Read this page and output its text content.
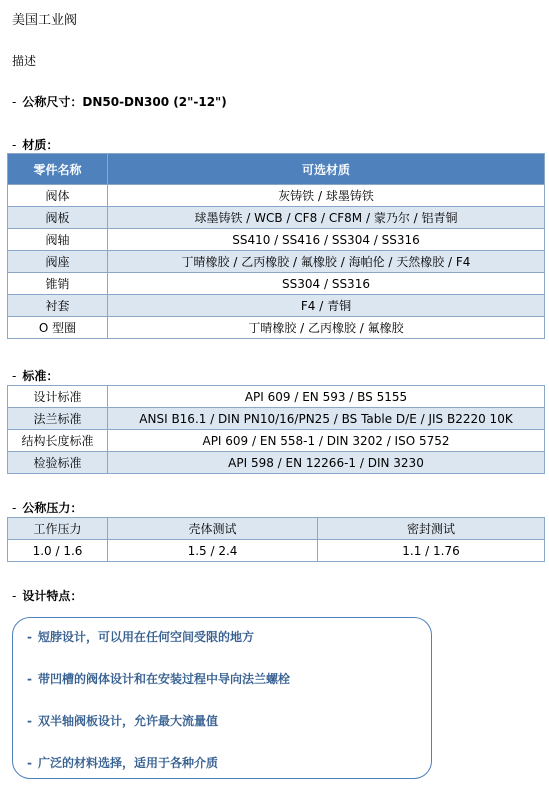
美国工业阀
描述
- 公称尺寸：DN50-DN300 (2"-12")
- 材质：
零件名称	可选材质
阀体	灰铸铁 / 球墨铸铁
阀板	球墨铸铁 / WCB / CF8 / CF8M / 蒙乃尔 / 铝青铜
阀轴	SS410 / SS416 / SS304 / SS316
阀座	丁晴橡胶 / 乙丙橡胶 / 氟橡胶 / 海帕伦 / 天然橡胶 / F4
锥销	SS304 / SS316
衬套	F4 / 青铜
O 型圈	丁晴橡胶 / 乙丙橡胶 / 氟橡胶
- 标准：
设计标准	API 609 / EN 593 / BS 5155
法兰标准	ANSI B16.1 / DIN PN10/16/PN25 / BS Table D/E / JIS B2220 10K
结构长度标准	API 609 / EN 558-1 / DIN 3202 / ISO 5752
检验标准	API 598 / EN 12266-1 / DIN 3230
- 公称压力：
工作压力	壳体测试	密封测试
1.0 / 1.6	1.5 / 2.4	1.1 / 1.76
- 设计特点：
- 短脖设计，可以用在任何空间受限的地方
- 带凹槽的阀体设计和在安装过程中导向法兰螺栓
- 双半轴阀板设计，允许最大流量值
- 广泛的材料选择，适用于各种介质
